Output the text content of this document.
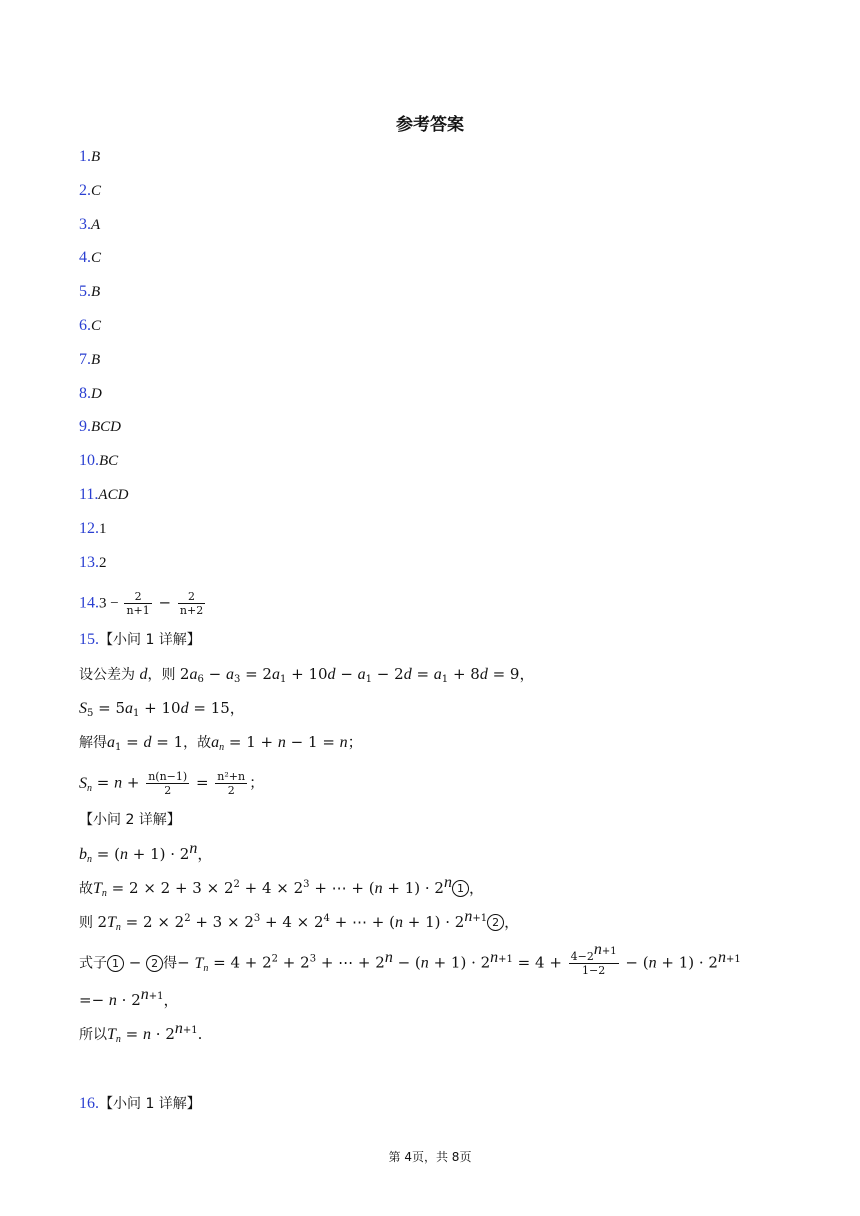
参考答案
1.B
2.C
3.A
4.C
5.B
6.C
7.B
8.D
9.BCD
10.BC
11.ACD
12.1
13.2
$14.3 - \frac{2}{n+1} - \frac{2}{n+2}$
15.【小问 1 详解】
设公差为 d，则 $2a_6 - a_3 = 2a_1 + 10d - a_1 - 2d = a_1 + 8d = 9$，
$S_5 = 5a_1 + 10d = 15$，
解得$a_1 = d = 1$，故$a_n = 1 + n - 1 = n$；
$S_n = n + \frac{n(n-1)}{2} = \frac{\text{n²+n}}{2}$ ；
【小问 2 详解】
$b_n = (n + 1) \cdot 2^n$，
故$T_n = 2 \times 2 + 3 \times 2^2 + 4 \times 2^3$ + ⋯ + $(n + 1) \cdot 2^n$ 1 ，
则 $2T_n = 2 \times 2^2 + 3 \times 2^3 + 4 \times 2^4$ + ⋯ + $(n + 1) \cdot 2^{n+1}$ 2 ，
式子 1 − 2 得− $T_n = 4 + 2^2 + 2^3$ + ⋯ + $2^n - (n + 1) \cdot 2^{n+1} = 4 + \frac{4-2^{n+1}}{1-2} - (n + 1) \cdot 2^{n+1}$
=− $n \cdot 2^{n+1}$，
所以$T_n = n \cdot 2^{n+1}$.
16.【小问 1 详解】
第 4页，共 8页
